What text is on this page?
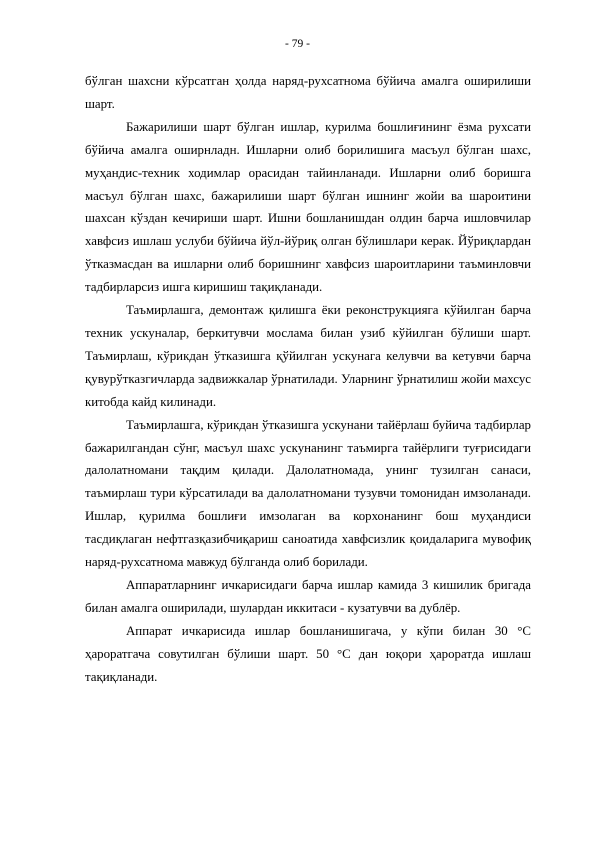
- 79 -

бўлган шахсни кўрсатган ҳолда наряд-рухсатнома бўйича амалга оширилиши шарт.

Бажарилиши шарт бўлган ишлар, курилма бошлиғининг ёзма рухсати бўйича амалга оширнладн. Ишларни олиб борилишига масъул бўлган шахс, муҳандис-техник ходимлар орасидан тайинланади. Ишларни олиб боришга масъул бўлган шахс, бажарилиши шарт бўлган ишнинг жойи ва шароитини шахсан кўздан кечириши шарт. Ишни бошланишдан олдин барча ишловчилар хавфсиз ишлаш услуби бўйича йўл-йўриқ олган бўлишлари керак. Йўриқлардан ўтказмасдан ва ишларни олиб боришнинг хавфсиз шароитларини таъминловчи тадбирларсиз ишга киришиш тақиқланади.

Таъмирлашга, демонтаж қилишга ёки реконструкцияга кўйилган барча техник ускуналар, беркитувчи мослама билан узиб кўйилган бўлиши шарт. Таъмирлаш, кўрикдан ўтказишга қўйилган ускунага келувчи ва кетувчи барча қувурўтказгичларда задвижкалар ўрнатилади. Уларнинг ўрнатилиш жойи махсус китобда кайд килинади.

Таъмирлашга, кўрикдан ўтказишга ускунани тайёрлаш буйича тадбирлар бажарилгандан сўнг, масъул шахс ускунанинг таъмирга тайёрлиги туғрисидаги далолатномани тақдим қилади. Далолатномада, унинг тузилган санаси, таъмирлаш тури кўрсатилади ва далолатномани тузувчи томонидан имзоланади. Ишлар, қурилма бошлиғи имзолаган ва корхонанинг бош муҳандиси тасдиқлаган нефтгазқазибчиқариш саноатида хавфсизлик қоидаларига мувофиқ наряд-рухсатнома мавжуд бўлганда олиб борилади.

Аппаратларнинг ичкарисидаги барча ишлар камида 3 кишилик бригада билан амалга оширилади, шулардан иккитаси - кузатувчи ва дублёр.

Аппарат ичкарисида ишлар бошланишигача, у кўпи билан 30 °С ҳароратгача совутилган бўлиши шарт. 50 °С дан юқори ҳароратда ишлаш тақиқланади.
